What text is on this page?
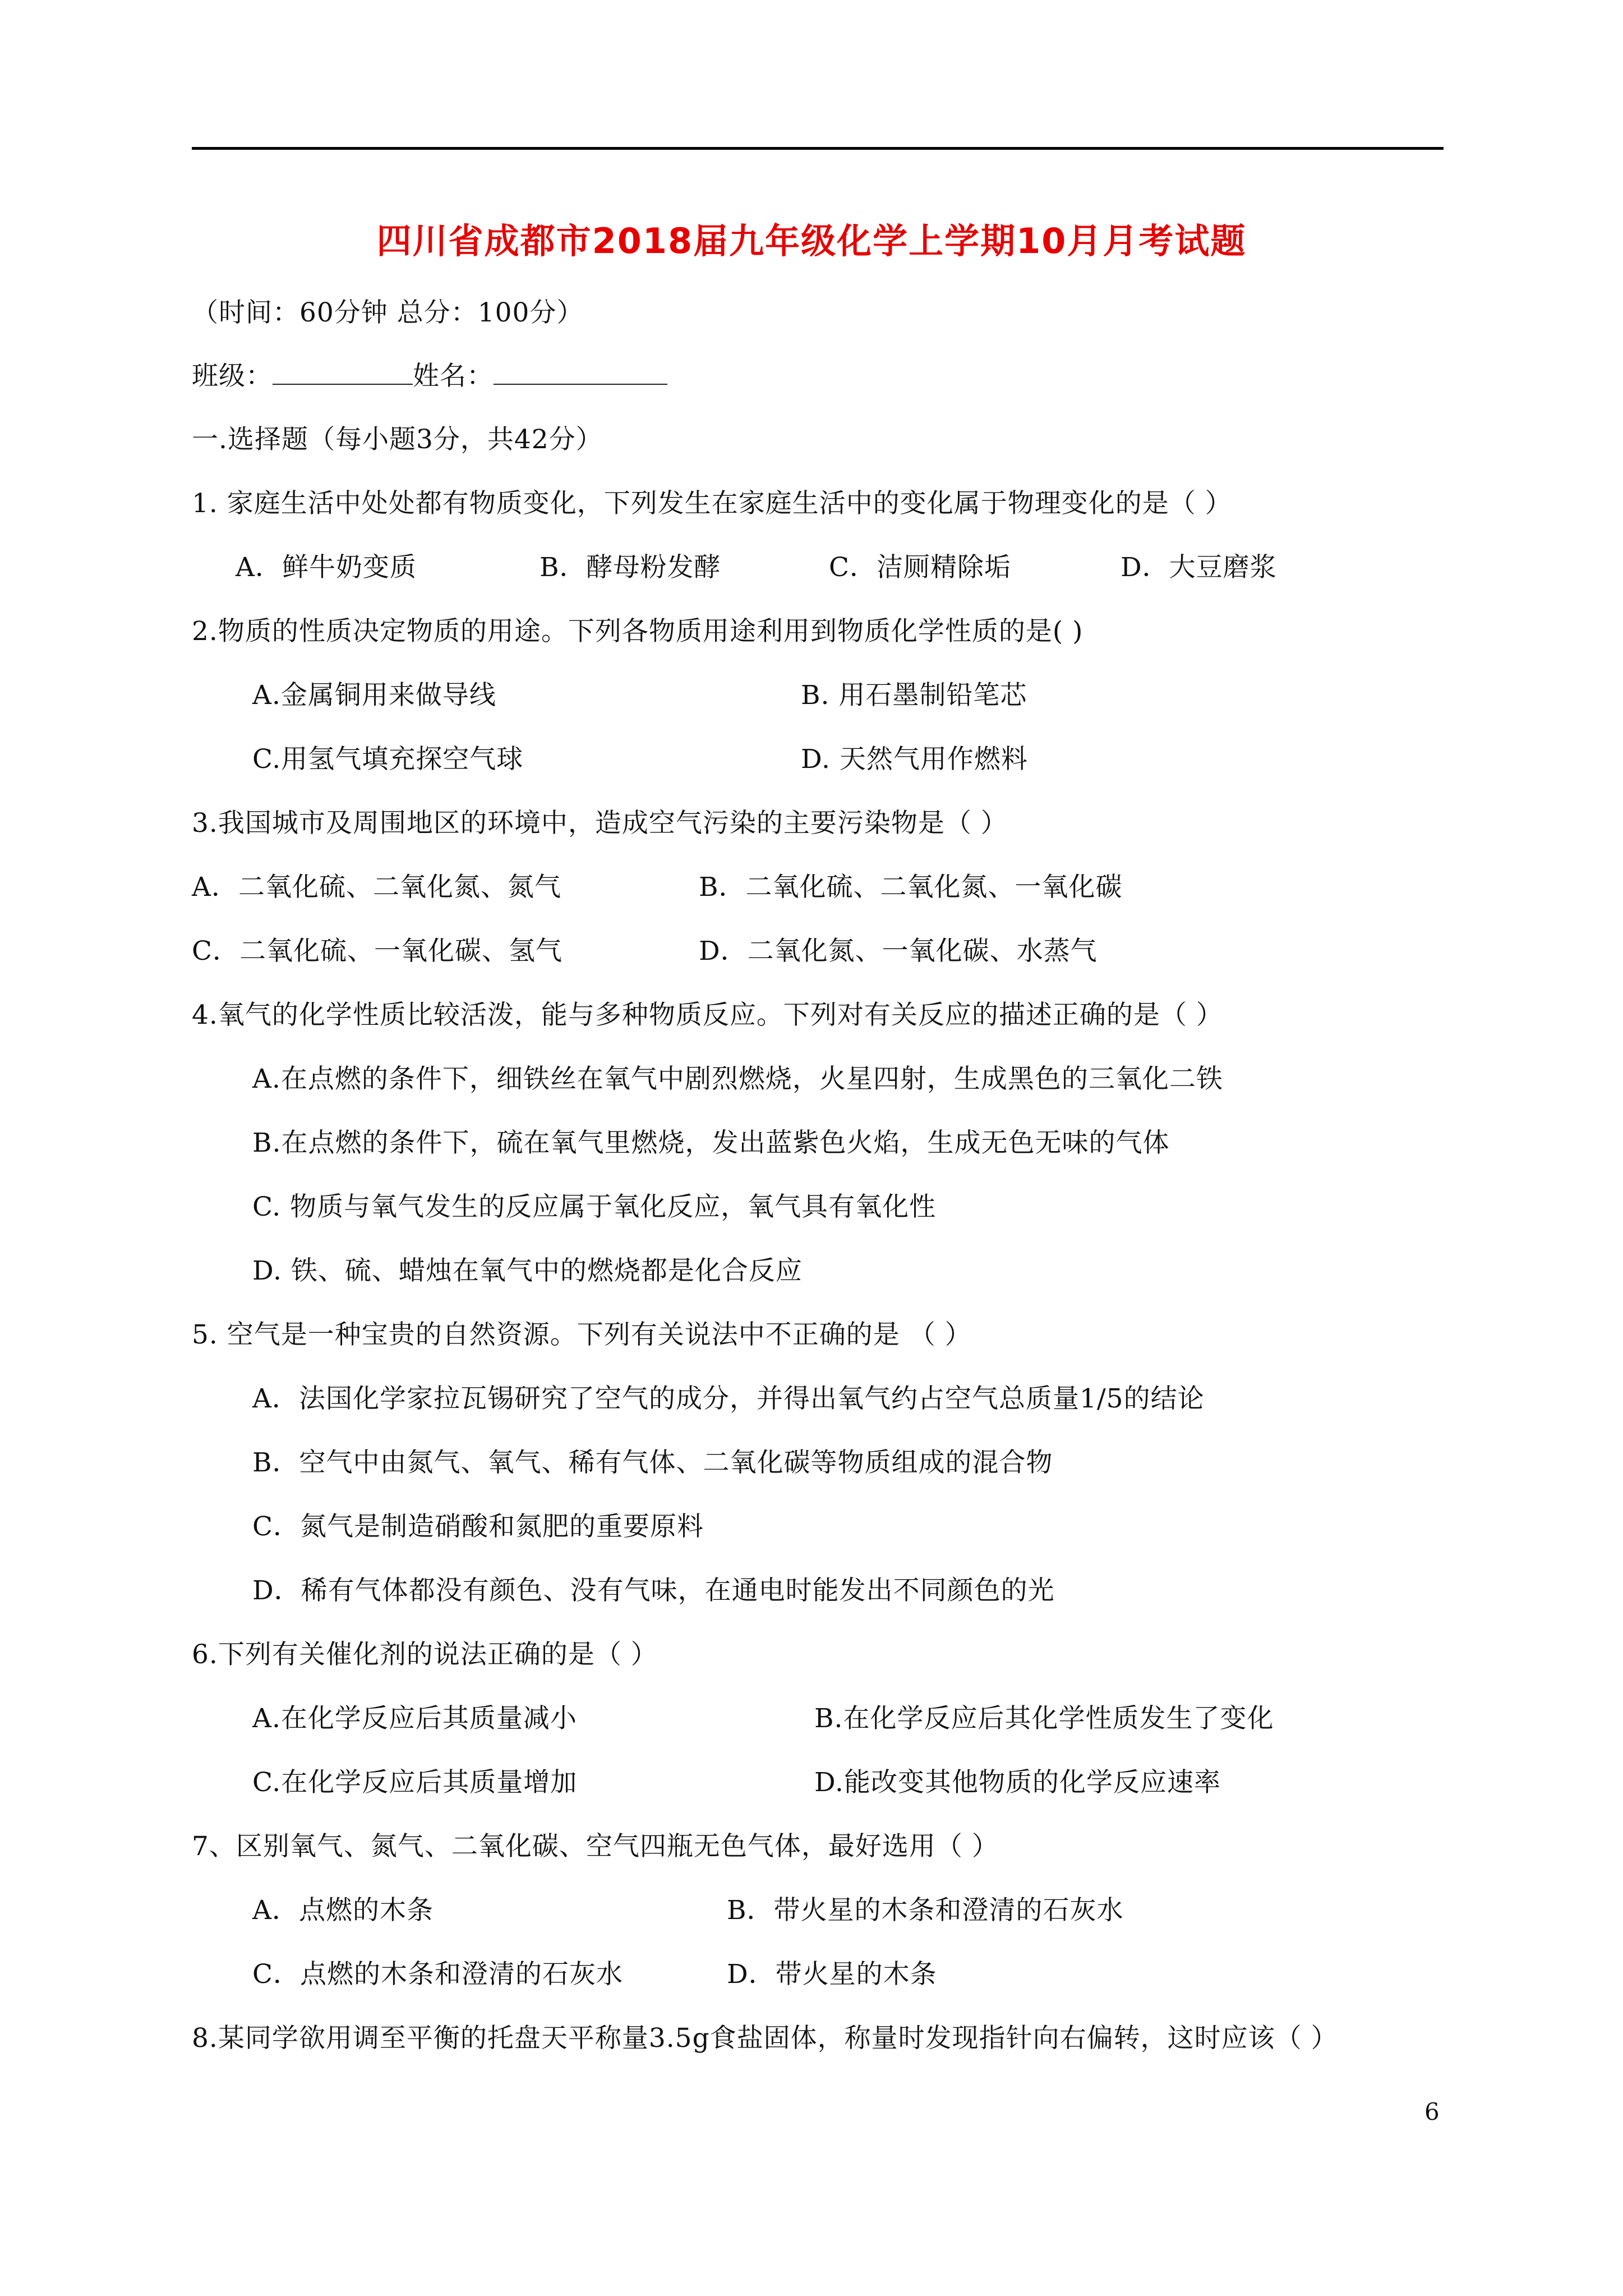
四川省成都市2018届九年级化学上学期10月月考试题
（时间：60分钟 总分：100分）
班级：	姓名：
一.选择题（每小题3分，共42分）
1. 家庭生活中处处都有物质变化，下列发生在家庭生活中的变化属于物理变化的是（ ）
A．鲜牛奶变质	B．酵母粉发酵	C．洁厕精除垢	D．大豆磨浆
2.物质的性质决定物质的用途。下列各物质用途利用到物质化学性质的是( )
A.金属铜用来做导线	B. 用石墨制铅笔芯
C.用氢气填充探空气球	D. 天然气用作燃料
3.我国城市及周围地区的环境中，造成空气污染的主要污染物是（ ）
A．二氧化硫、二氧化氮、氮气	B．二氧化硫、二氧化氮、一氧化碳
C．二氧化硫、一氧化碳、氢气	D．二氧化氮、一氧化碳、水蒸气
4.氧气的化学性质比较活泼，能与多种物质反应。下列对有关反应的描述正确的是（ ）
A.在点燃的条件下，细铁丝在氧气中剧烈燃烧，火星四射，生成黑色的三氧化二铁
B.在点燃的条件下，硫在氧气里燃烧，发出蓝紫色火焰，生成无色无味的气体
C. 物质与氧气发生的反应属于氧化反应，氧气具有氧化性
D. 铁、硫、蜡烛在氧气中的燃烧都是化合反应
5. 空气是一种宝贵的自然资源。下列有关说法中不正确的是 （ ）
A．法国化学家拉瓦锡研究了空气的成分，并得出氧气约占空气总质量1/5的结论
B．空气中由氮气、氧气、稀有气体、二氧化碳等物质组成的混合物
C．氮气是制造硝酸和氮肥的重要原料
D．稀有气体都没有颜色、没有气味，在通电时能发出不同颜色的光
6.下列有关催化剂的说法正确的是（ ）
A.在化学反应后其质量减小	B.在化学反应后其化学性质发生了变化
C.在化学反应后其质量增加	D.能改变其他物质的化学反应速率
7、区别氧气、氮气、二氧化碳、空气四瓶无色气体，最好选用（ ）
A．点燃的木条	B．带火星的木条和澄清的石灰水
C．点燃的木条和澄清的石灰水	D．带火星的木条
8.某同学欲用调至平衡的托盘天平称量3.5g食盐固体，称量时发现指针向右偏转，这时应该（ ）
6
